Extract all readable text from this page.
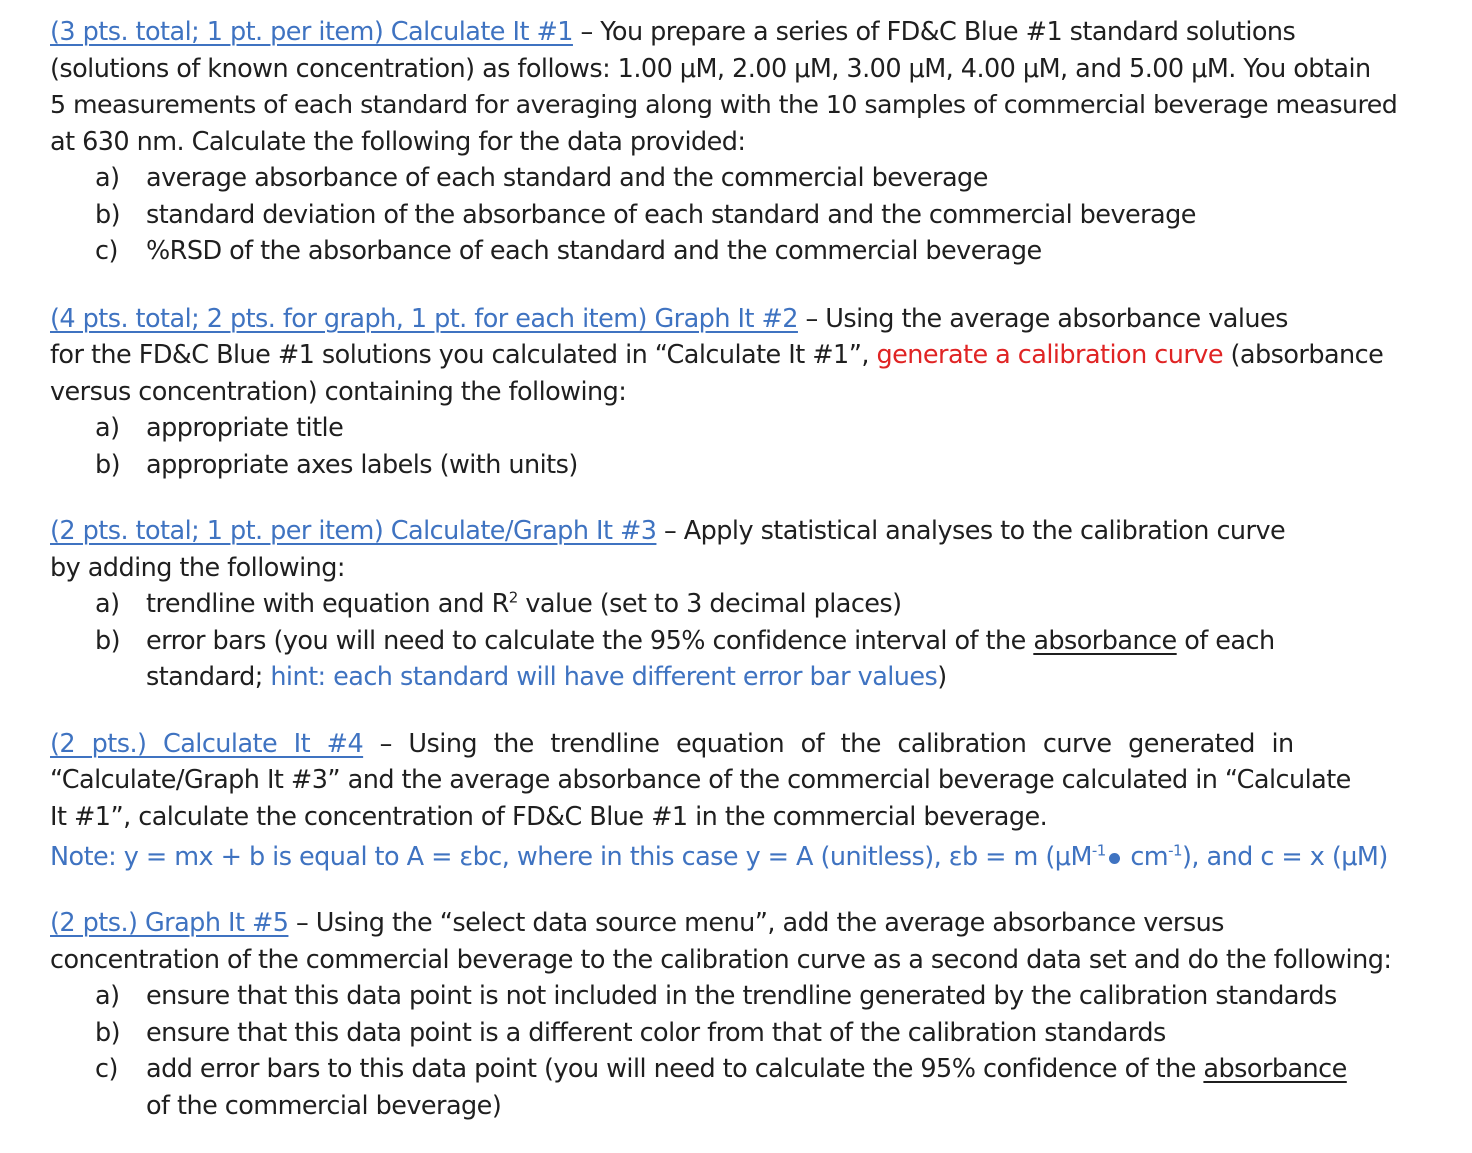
(3 pts. total; 1 pt. per item) Calculate It #1 – You prepare a series of FD&C Blue #1 standard solutions
(solutions of known concentration) as follows: 1.00 μM, 2.00 μM, 3.00 μM, 4.00 μM, and 5.00 μM. You obtain
5 measurements of each standard for averaging along with the 10 samples of commercial beverage measured
at 630 nm. Calculate the following for the data provided:
a) average absorbance of each standard and the commercial beverage
b) standard deviation of the absorbance of each standard and the commercial beverage
c) %RSD of the absorbance of each standard and the commercial beverage
(4 pts. total; 2 pts. for graph, 1 pt. for each item) Graph It #2 – Using the average absorbance values
for the FD&C Blue #1 solutions you calculated in “Calculate It #1”, generate a calibration curve (absorbance
versus concentration) containing the following:
a) appropriate title
b) appropriate axes labels (with units)
(2 pts. total; 1 pt. per item) Calculate/Graph It #3 – Apply statistical analyses to the calibration curve
by adding the following:
a) trendline with equation and $R^2$ value (set to 3 decimal places)
b) error bars (you will need to calculate the 95% confidence interval of the absorbance of each
standard; hint: each standard will have different error bar values)
(2 pts.) Calculate It #4 – Using the trendline equation of the calibration curve generated in
“Calculate/Graph It #3” and the average absorbance of the commercial beverage calculated in “Calculate
It #1”, calculate the concentration of FD&C Blue #1 in the commercial beverage.
Note: y = mx + b is equal to A = εbc, where in this case y = A (unitless), εb = m ($\mu M^{-1}$ $cm^{-1}$), and c = x (μM)
(2 pts.) Graph It #5 – Using the “select data source menu”, add the average absorbance versus
concentration of the commercial beverage to the calibration curve as a second data set and do the following:
a) ensure that this data point is not included in the trendline generated by the calibration standards
b) ensure that this data point is a different color from that of the calibration standards
c) add error bars to this data point (you will need to calculate the 95% confidence of the absorbance
of the commercial beverage)
